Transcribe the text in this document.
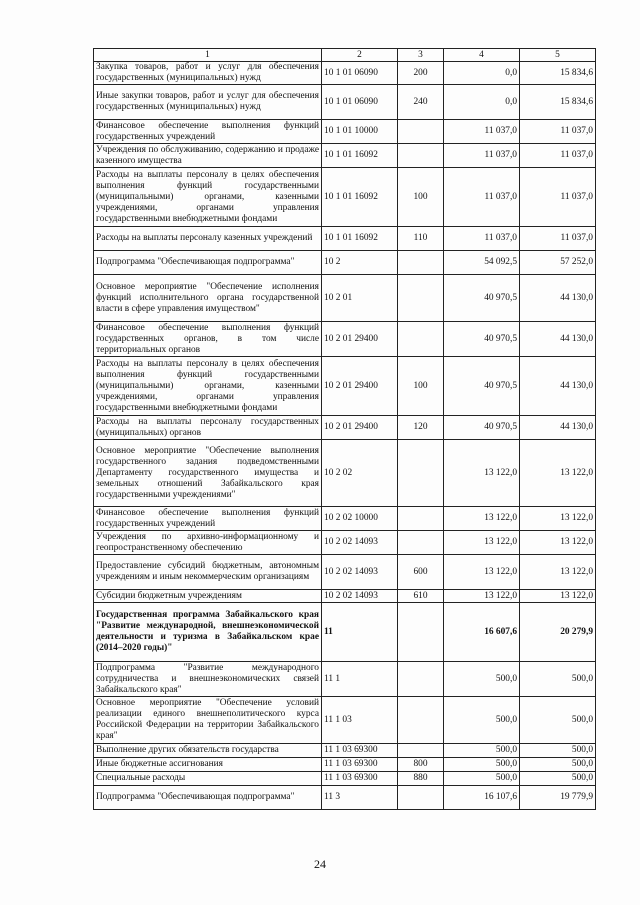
1	2	3	4	5
Закупка товаров, работ и услуг для обеспечения государственных (муниципальных) нужд	10 1 01 06090	200	0,0	15 834,6
Иные закупки товаров, работ и услуг для обеспечения государственных (муниципальных) нужд	10 1 01 06090	240	0,0	15 834,6
Финансовое обеспечение выполнения функций государственных учреждений	10 1 01 10000		11 037,0	11 037,0
Учреждения по обслуживанию, содержанию и продаже казенного имущества	10 1 01 16092		11 037,0	11 037,0
Расходы на выплаты персоналу в целях обеспечения выполнения функций государственными (муниципальными) органами, казенными учреждениями, органами управления государственными внебюджетными фондами	10 1 01 16092	100	11 037,0	11 037,0
Расходы на выплаты персоналу казенных учреждений	10 1 01 16092	110	11 037,0	11 037,0
Подпрограмма "Обеспечивающая подпрограмма"	10 2		54 092,5	57 252,0
Основное мероприятие "Обеспечение исполнения функций исполнительного органа государственной власти в сфере управления имуществом"	10 2 01		40 970,5	44 130,0
Финансовое обеспечение выполнения функций государственных органов, в том числе территориальных органов	10 2 01 29400		40 970,5	44 130,0
Расходы на выплаты персоналу в целях обеспечения выполнения функций государственными (муниципальными) органами, казенными учреждениями, органами управления государственными внебюджетными фондами	10 2 01 29400	100	40 970,5	44 130,0
Расходы на выплаты персоналу государственных (муниципальных) органов	10 2 01 29400	120	40 970,5	44 130,0
Основное мероприятие "Обеспечение выполнения государственного задания подведомственными Департаменту государственного имущества и земельных отношений Забайкальского края государственными учреждениями"	10 2 02		13 122,0	13 122,0
Финансовое обеспечение выполнения функций государственных учреждений	10 2 02 10000		13 122,0	13 122,0
Учреждения по архивно-информационному и геопространственному обеспечению	10 2 02 14093		13 122,0	13 122,0
Предоставление субсидий бюджетным, автономным учреждениям и иным некоммерческим организациям	10 2 02 14093	600	13 122,0	13 122,0
Субсидии бюджетным учреждениям	10 2 02 14093	610	13 122,0	13 122,0
Государственная программа Забайкальского края "Развитие международной, внешнеэкономической деятельности и туризма в Забайкальском крае (2014–2020 годы)"	11		16 607,6	20 279,9
Подпрограмма "Развитие международного сотрудничества и внешнеэкономических связей Забайкальского края"	11 1		500,0	500,0
Основное мероприятие "Обеспечение условий реализации единого внешнеполитического курса Российской Федерации на территории Забайкальского края"	11 1 03		500,0	500,0
Выполнение других обязательств государства	11 1 03 69300		500,0	500,0
Иные бюджетные ассигнования	11 1 03 69300	800	500,0	500,0
Специальные расходы	11 1 03 69300	880	500,0	500,0
Подпрограмма "Обеспечивающая подпрограмма"	11 3		16 107,6	19 779,9
24
